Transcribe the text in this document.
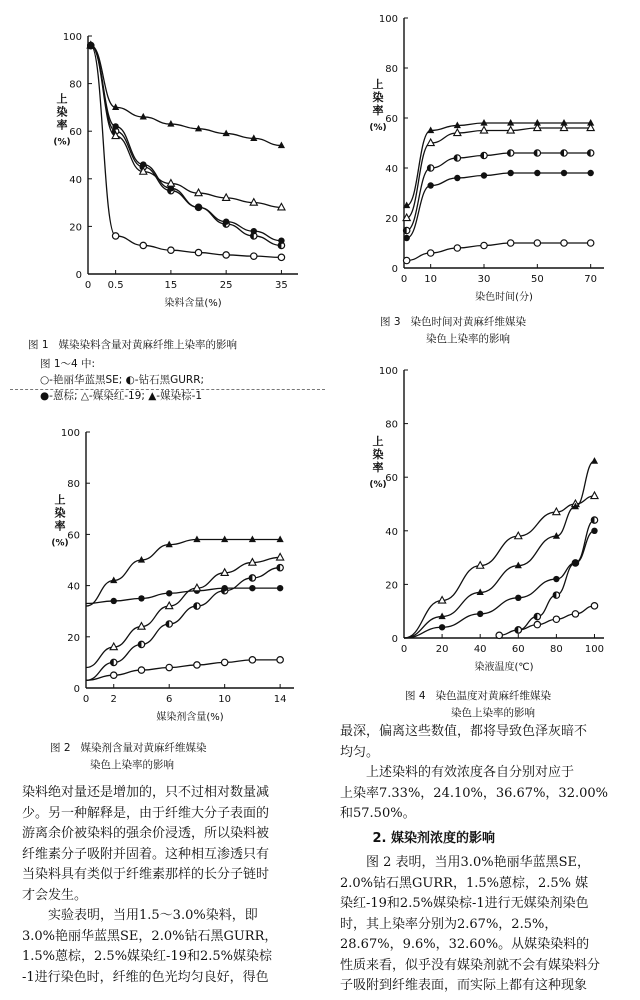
0
20
40
60
80
100
0 0.5	15	25	35
染料含量(%)
上染率(%)
图 1 媒染染料含量对黄麻纤维上染率的影响
图 1～4 中:
○-艳丽华蓝黑SE; ◐-钻石黑GURR;
●-蒽棕; △-媒染红-19; ▲-媒染棕-1
0
20
40
60
80
100
0 2	6	10	14
媒染剂含量(%)
上染率(%)
图 2 媒染剂含量对黄麻纤维媒染
染色上染率的影响
0
20
40
60
80
100
0 10	30	50	70
染色时间(分)
上染率(%)
图 3 染色时间对黄麻纤维媒染
染色上染率的影响
0
20
40
60
80
100
0	20	40	60	80 100
染液温度(℃)
上染率(%)
图 4 染色温度对黄麻纤维媒染
染色上染率的影响

染料绝对量还是增加的，只不过相对数量减

少。另一种解释是，由于纤维大分子表面的

游离余价被染料的强余价浸透，所以染料被

纤维素分子吸附并固着。这种相互渗透只有

当染料具有类似于纤维素那样的长分子链时

才会发生。

实验表明，当用1.5～3.0%染料，即

3.0%艳丽华蓝黑SE，2.0%钻石黑GURR，

1.5%蒽棕，2.5%媒染红-19和2.5%媒染棕

-1进行染色时，纤维的色光均匀良好，得色

最深，偏离这些数值，都将导致色泽灰暗不

均匀。

上述染料的有效浓度各自分别对应于

上染率7.33%，24.10%，36.67%，32.00%

和57.50%。

2. 媒染剂浓度的影响

图 2 表明，当用3.0%艳丽华蓝黑SE，

2.0%钻石黑GURR，1.5%蒽棕，2.5% 媒

染红-19和2.5%媒染棕-1进行无媒染剂染色

时，其上染率分别为2.67%，2.5%，

28.67%，9.6%，32.60%。从媒染染料的

性质来看，似乎没有媒染剂就不会有媒染料分

子吸附到纤维表面，而实际上都有这种现象
